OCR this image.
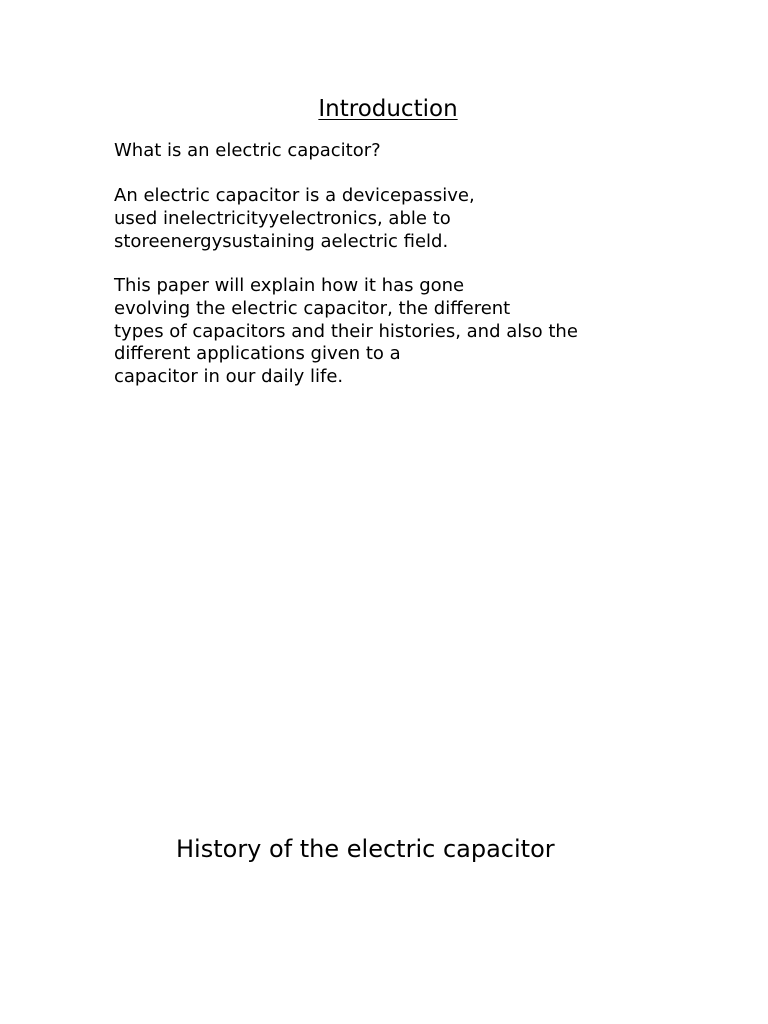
Introduction

What is an electric capacitor?

An electric capacitor is a devicepassive,
used inelectricityyelectronics, able to
storeenergysustaining aelectric field.

This paper will explain how it has gone
evolving the electric capacitor, the different
types of capacitors and their histories, and also the
different applications given to a
capacitor in our daily life.

History of the electric capacitor
